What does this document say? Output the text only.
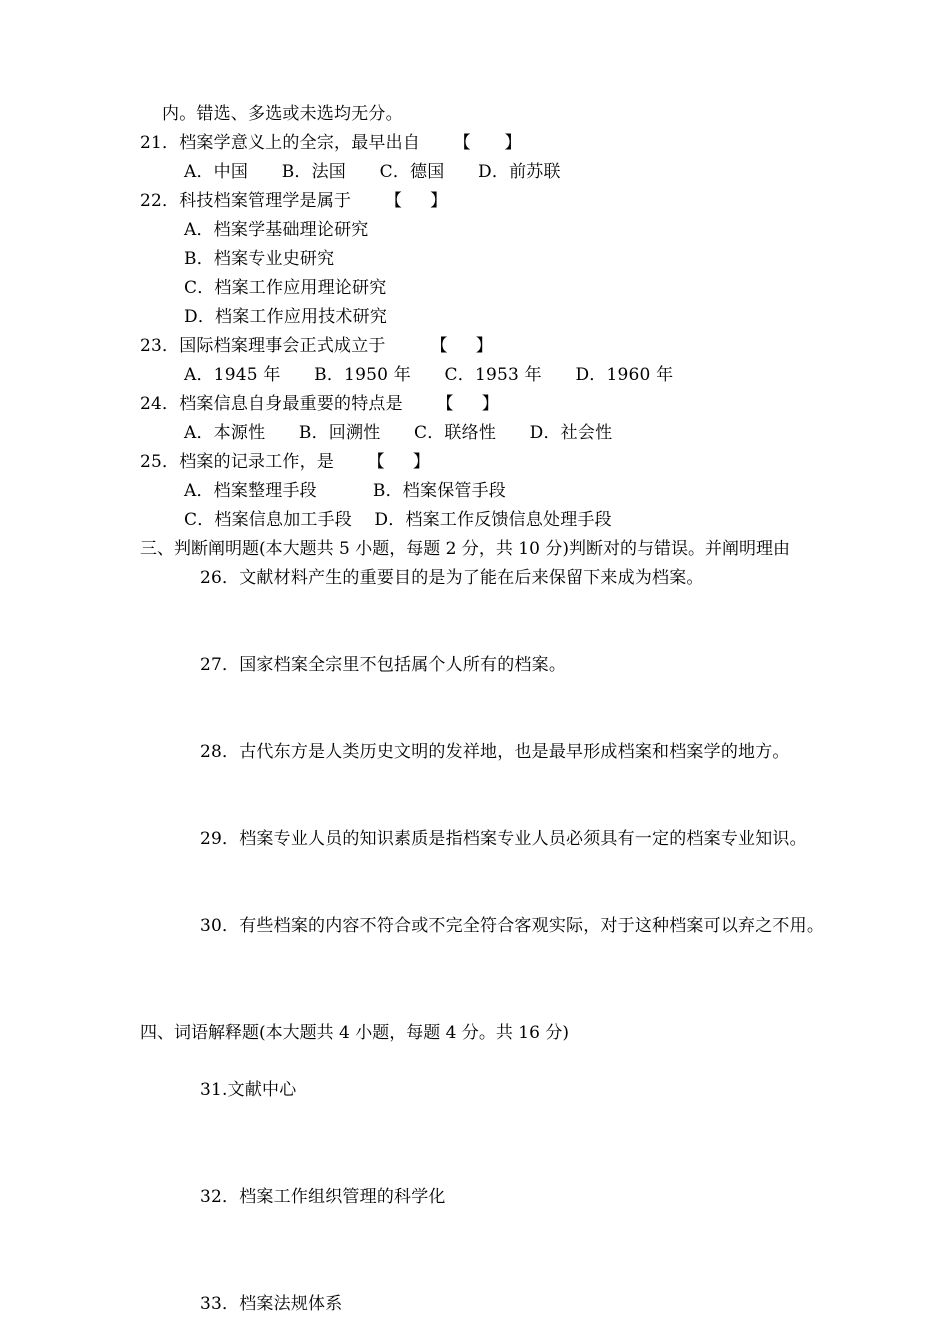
内。错选、多选或未选均无分。
21．档案学意义上的全宗，最早出自 【      】
A．中国      B．法国      C．德国      D．前苏联
22．科技档案管理学是属于 【     】
A．档案学基础理论研究
B．档案专业史研究
C．档案工作应用理论研究
D．档案工作应用技术研究
23．国际档案理事会正式成立于	【     】
A．1945 年      B．1950 年      C．1953 年      D．1960 年
24．档案信息自身最重要的特点是 【     】
A．本源性      B．回溯性      C．联络性      D．社会性
25．档案的记录工作，是 【     】
A．档案整理手段          B．档案保管手段
C．档案信息加工手段    D．档案工作反馈信息处理手段
三、判断阐明题(本大题共 5 小题，每题 2 分，共 10 分)判断对的与错误。并阐明理由
26．文献材料产生的重要目的是为了能在后来保留下来成为档案。
27．国家档案全宗里不包括属个人所有的档案。
28．古代东方是人类历史文明的发祥地，也是最早形成档案和档案学的地方。
29．档案专业人员的知识素质是指档案专业人员必须具有一定的档案专业知识。
30．有些档案的内容不符合或不完全符合客观实际，对于这种档案可以弃之不用。
四、词语解释题(本大题共 4 小题，每题 4 分。共 16 分)
31.文献中心
32．档案工作组织管理的科学化
33．档案法规体系
